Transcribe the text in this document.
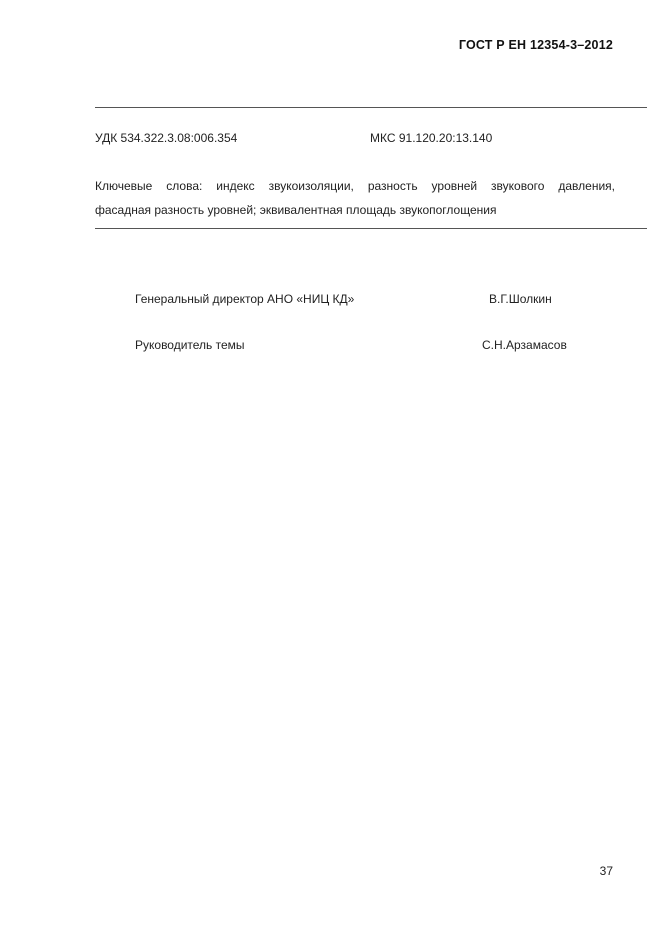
ГОСТ Р ЕН 12354-3–2012
УДК 534.322.3.08:006.354	МКС 91.120.20:13.140
Ключевые слова: индекс звукоизоляции, разность уровней звукового давления,
фасадная разность уровней; эквивалентная площадь звукопоглощения
Генеральный директор АНО «НИЦ КД»	В.Г.Шолкин
Руководитель темы	С.Н.Арзамасов
37
